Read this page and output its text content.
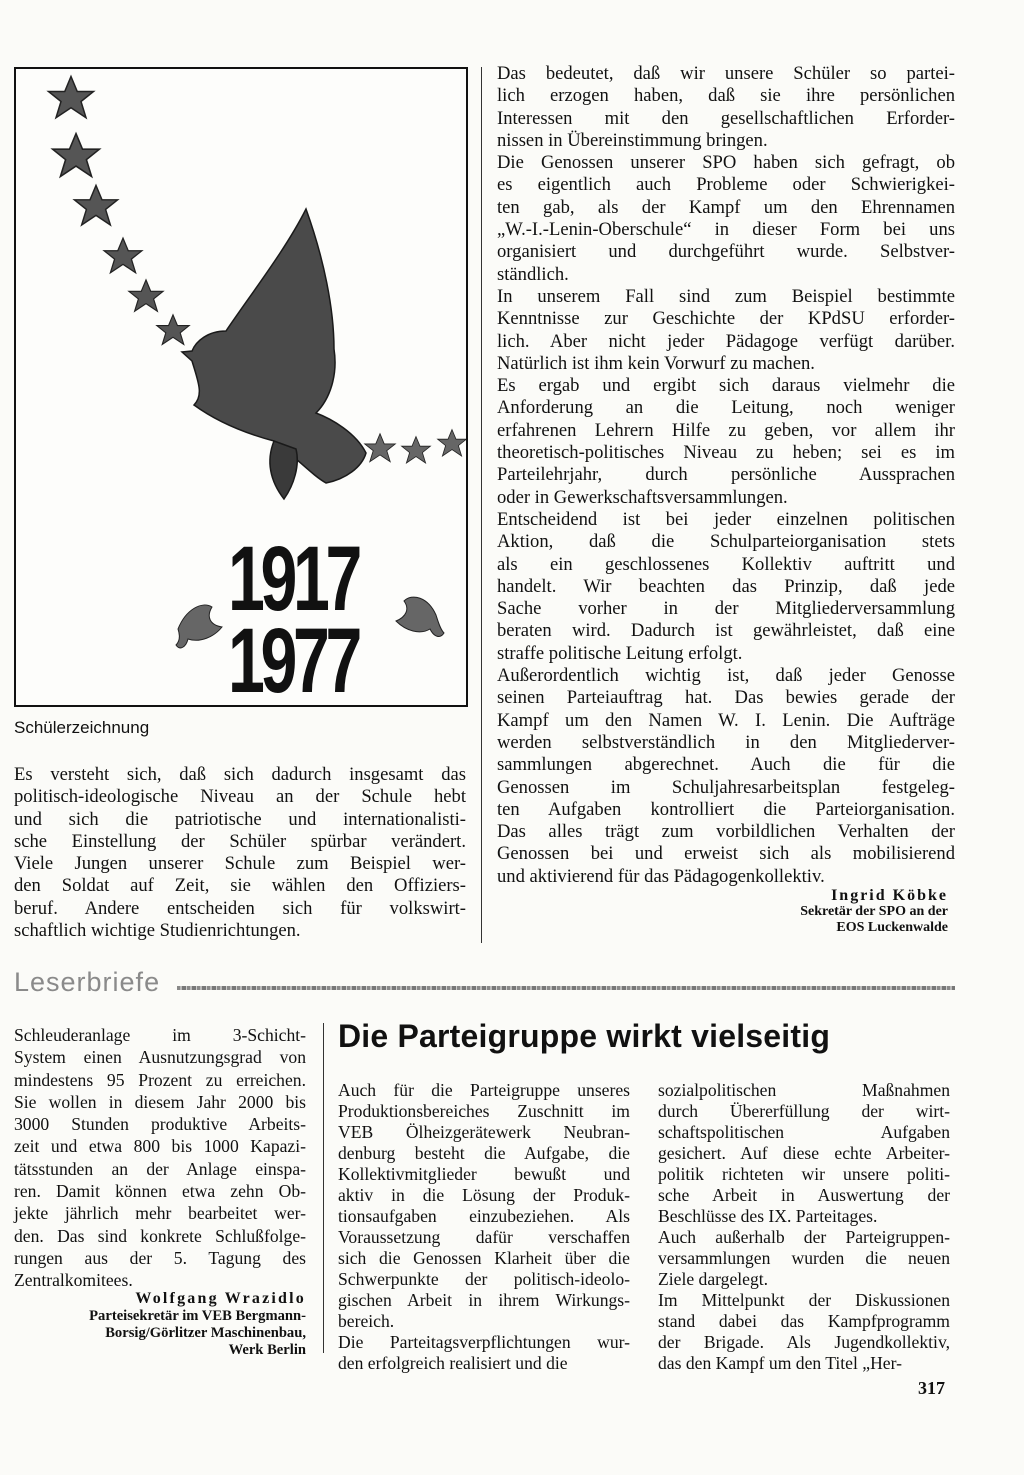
1917
1977
Schülerzeichnung
Es versteht sich, daß sich dadurch insgesamt das
politisch-ideologische Niveau an der Schule hebt
und sich die patriotische und internationalisti-
sche Einstellung der Schüler spürbar verändert.
Viele Jungen unserer Schule zum Beispiel wer-
den Soldat auf Zeit, sie wählen den Offiziers-
beruf. Andere entscheiden sich für volkswirt-
schaftlich wichtige Studienrichtungen.
Das bedeutet, daß wir unsere Schüler so partei-
lich erzogen haben, daß sie ihre persönlichen
Interessen mit den gesellschaftlichen Erforder-
nissen in Übereinstimmung bringen.
Die Genossen unserer SPO haben sich gefragt, ob
es eigentlich auch Probleme oder Schwierigkei-
ten gab, als der Kampf um den Ehrennamen
„W.-I.-Lenin-Oberschule“ in dieser Form bei uns
organisiert und durchgeführt wurde. Selbstver-
ständlich.
In unserem Fall sind zum Beispiel bestimmte
Kenntnisse zur Geschichte der KPdSU erforder-
lich. Aber nicht jeder Pädagoge verfügt darüber.
Natürlich ist ihm kein Vorwurf zu machen.
Es ergab und ergibt sich daraus vielmehr die
Anforderung an die Leitung, noch weniger
erfahrenen Lehrern Hilfe zu geben, vor allem ihr
theoretisch-politisches Niveau zu heben; sei es im
Parteilehrjahr, durch persönliche Aussprachen
oder in Gewerkschaftsversammlungen.
Entscheidend ist bei jeder einzelnen politischen
Aktion, daß die Schulparteiorganisation stets
als ein geschlossenes Kollektiv auftritt und
handelt. Wir beachten das Prinzip, daß jede
Sache vorher in der Mitgliederversammlung
beraten wird. Dadurch ist gewährleistet, daß eine
straffe politische Leitung erfolgt.
Außerordentlich wichtig ist, daß jeder Genosse
seinen Parteiauftrag hat. Das bewies gerade der
Kampf um den Namen W. I. Lenin. Die Aufträge
werden selbstverständlich in den Mitgliederver-
sammlungen abgerechnet. Auch die für die
Genossen im Schuljahresarbeitsplan festgeleg-
ten Aufgaben kontrolliert die Parteiorganisation.
Das alles trägt zum vorbildlichen Verhalten der
Genossen bei und erweist sich als mobilisierend
und aktivierend für das Pädagogenkollektiv.
Ingrid Köbke
Sekretär der SPO an der
EOS Luckenwalde
Leserbriefe
Schleuderanlage im 3-Schicht-
System einen Ausnutzungsgrad von
mindestens 95 Prozent zu erreichen.
Sie wollen in diesem Jahr 2000 bis
3000 Stunden produktive Arbeits-
zeit und etwa 800 bis 1000 Kapazi-
tätsstunden an der Anlage einspa-
ren. Damit können etwa zehn Ob-
jekte jährlich mehr bearbeitet wer-
den. Das sind konkrete Schlußfolge-
rungen aus der 5. Tagung des
Zentralkomitees.
Wolfgang Wrazidlo
Parteisekretär im VEB Bergmann-
Borsig/Görlitzer Maschinenbau,
Werk Berlin
Die Parteigruppe wirkt vielseitig
Auch für die Parteigruppe unseres
Produktionsbereiches Zuschnitt im
VEB Ölheizgerätewerk Neubran-
denburg besteht die Aufgabe, die
Kollektivmitglieder bewußt und
aktiv in die Lösung der Produk-
tionsaufgaben einzubeziehen. Als
Voraussetzung dafür verschaffen
sich die Genossen Klarheit über die
Schwerpunkte der politisch-ideolo-
gischen Arbeit in ihrem Wirkungs-
bereich.
Die Parteitagsverpflichtungen wur-
den erfolgreich realisiert und die
sozialpolitischen Maßnahmen
durch Übererfüllung der wirt-
schaftspolitischen Aufgaben
gesichert. Auf diese echte Arbeiter-
politik richteten wir unsere politi-
sche Arbeit in Auswertung der
Beschlüsse des IX. Parteitages.
Auch außerhalb der Parteigruppen-
versammlungen wurden die neuen
Ziele dargelegt.
Im Mittelpunkt der Diskussionen
stand dabei das Kampfprogramm
der Brigade. Als Jugendkollektiv,
das den Kampf um den Titel „Her-
317
